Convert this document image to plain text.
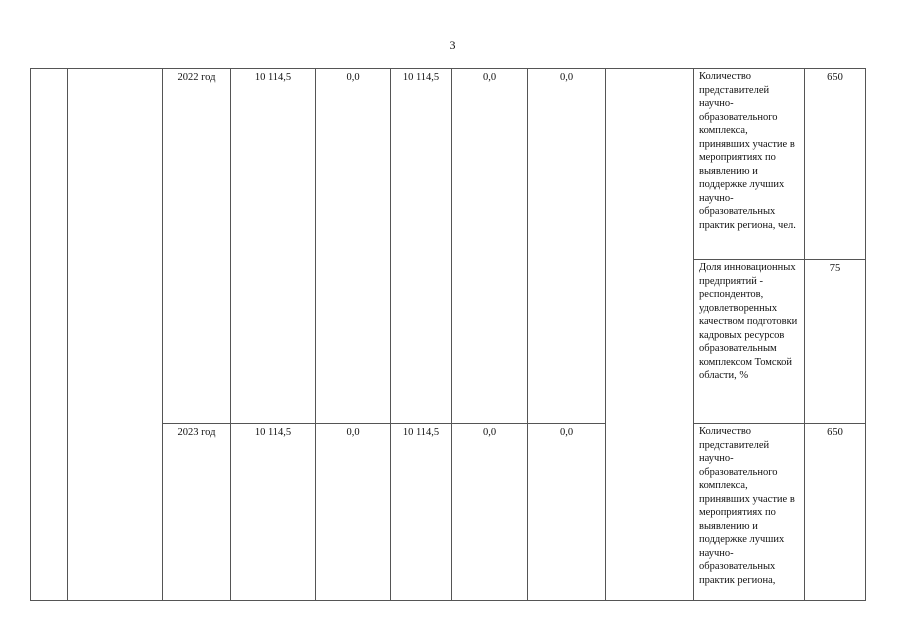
3
		2022 год	10 114,5	0,0	10 114,5	0,0	0,0		Количество представителей научно-образовательного комплекса, принявших участие в мероприятиях по выявлению и поддержке лучших научно-образовательных практик региона, чел.	650
									Доля инновационных предприятий - респондентов, удовлетворенных качеством подготовки кадровых ресурсов образовательным комплексом Томской области, %	75
		2023 год	10 114,5	0,0	10 114,5	0,0	0,0		Количество представителей научно-образовательного комплекса, принявших участие в мероприятиях по выявлению и поддержке лучших научно-образовательных практик региона,	650
